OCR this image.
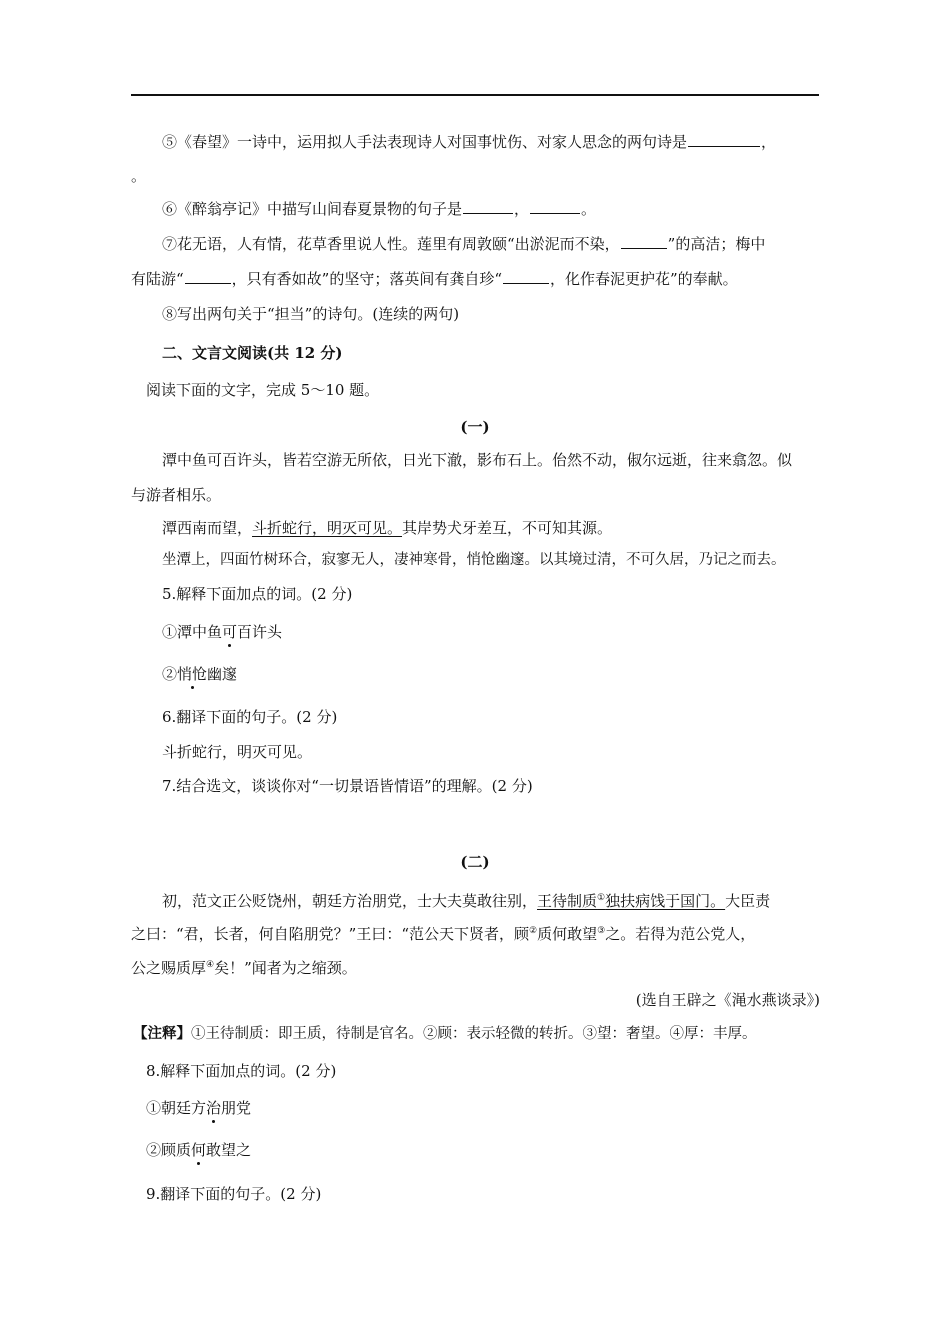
⑤《春望》一诗中，运用拟人手法表现诗人对国事忧伤、对家人思念的两句诗是	，
。
⑥《醉翁亭记》中描写山间春夏景物的句子是	，	。
⑦花无语，人有情，花草香里说人性。莲里有周敦颐“出淤泥而不染，	”的高洁；梅中
有陆游“	，只有香如故”的坚守；落英间有龚自珍“	，化作春泥更护花”的奉献。
⑧写出两句关于“担当”的诗句。(连续的两句)
二、文言文阅读(共 12 分)
阅读下面的文字，完成 5～10 题。
(一)
潭中鱼可百许头，皆若空游无所依，日光下澈，影布石上。佁然不动，俶尔远逝，往来翕忽。似
与游者相乐。
潭西南而望，斗折蛇行，明灭可见。其岸势犬牙差互，不可知其源。
坐潭上，四面竹树环合，寂寥无人，凄神寒骨，悄怆幽邃。以其境过清，不可久居，乃记之而去。
5.解释下面加点的词。(2 分)
①潭中鱼可百许头
②悄怆幽邃
6.翻译下面的句子。(2 分)
斗折蛇行，明灭可见。
7.结合选文，谈谈你对“一切景语皆情语”的理解。(2 分)
(二)
初，范文正公贬饶州，朝廷方治朋党，士大夫莫敢往别，王待制质①独扶病饯于国门。大臣责
之曰：“君，长者，何自陷朋党？”王曰：“范公天下贤者，顾②质何敢望③之。若得为范公党人，
公之赐质厚④矣！”闻者为之缩颈。
(选自王辟之《渑水燕谈录》)
【注释】①王待制质：即王质，待制是官名。②顾：表示轻微的转折。③望：奢望。④厚：丰厚。
8.解释下面加点的词。(2 分)
①朝廷方治朋党
②顾质何敢望之
9.翻译下面的句子。(2 分)
